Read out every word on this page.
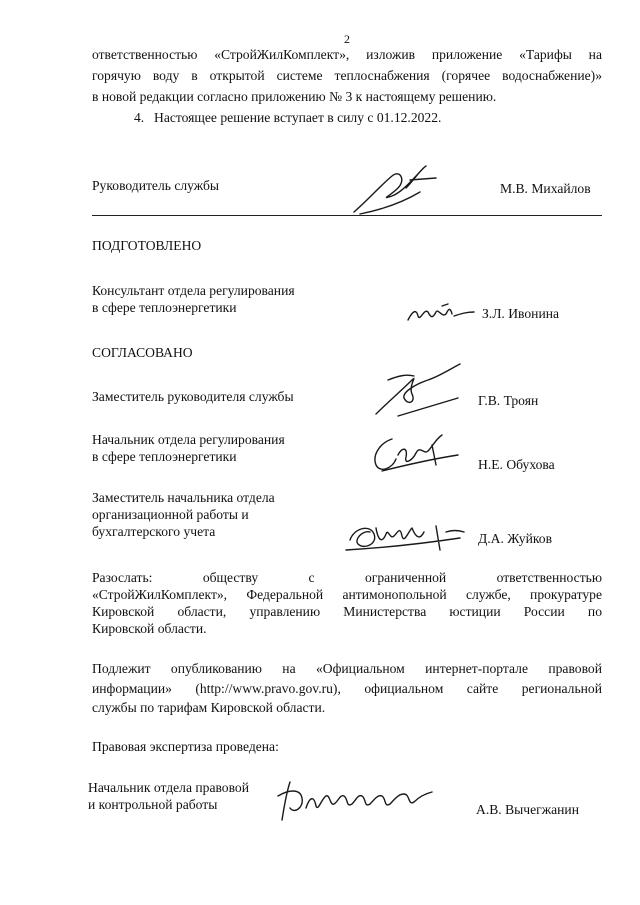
2
ответственностью «СтройЖилКомплект», изложив приложение «Тарифы на
горячую воду в открытой системе теплоснабжения (горячее водоснабжение)»
в новой редакции согласно приложению № 3 к настоящему решению.
4. Настоящее решение вступает в силу с 01.12.2022.
Руководитель службы	М.В. Михайлов
ПОДГОТОВЛЕНО
Консультант отдела регулирования
в сфере теплоэнергетики	З.Л. Ивонина
СОГЛАСОВАНО
Заместитель руководителя службы	Г.В. Троян
Начальник отдела регулирования
в сфере теплоэнергетики
Н.Е. Обухова
Заместитель начальника отдела
организационной работы и
бухгалтерского учета	Д.А. Жуйков
Разослать: обществу с ограниченной ответственностью
«СтройЖилКомплект», Федеральной антимонопольной службе, прокуратуре
Кировской области, управлению Министерства юстиции России по
Кировской области.
Подлежит опубликованию на «Официальном интернет-портале правовой
информации» (http://www.pravo.gov.ru), официальном сайте региональной
службы по тарифам Кировской области.
Правовая экспертиза проведена:
Начальник отдела правовой
и контрольной работы	А.В. Вычегжанин
